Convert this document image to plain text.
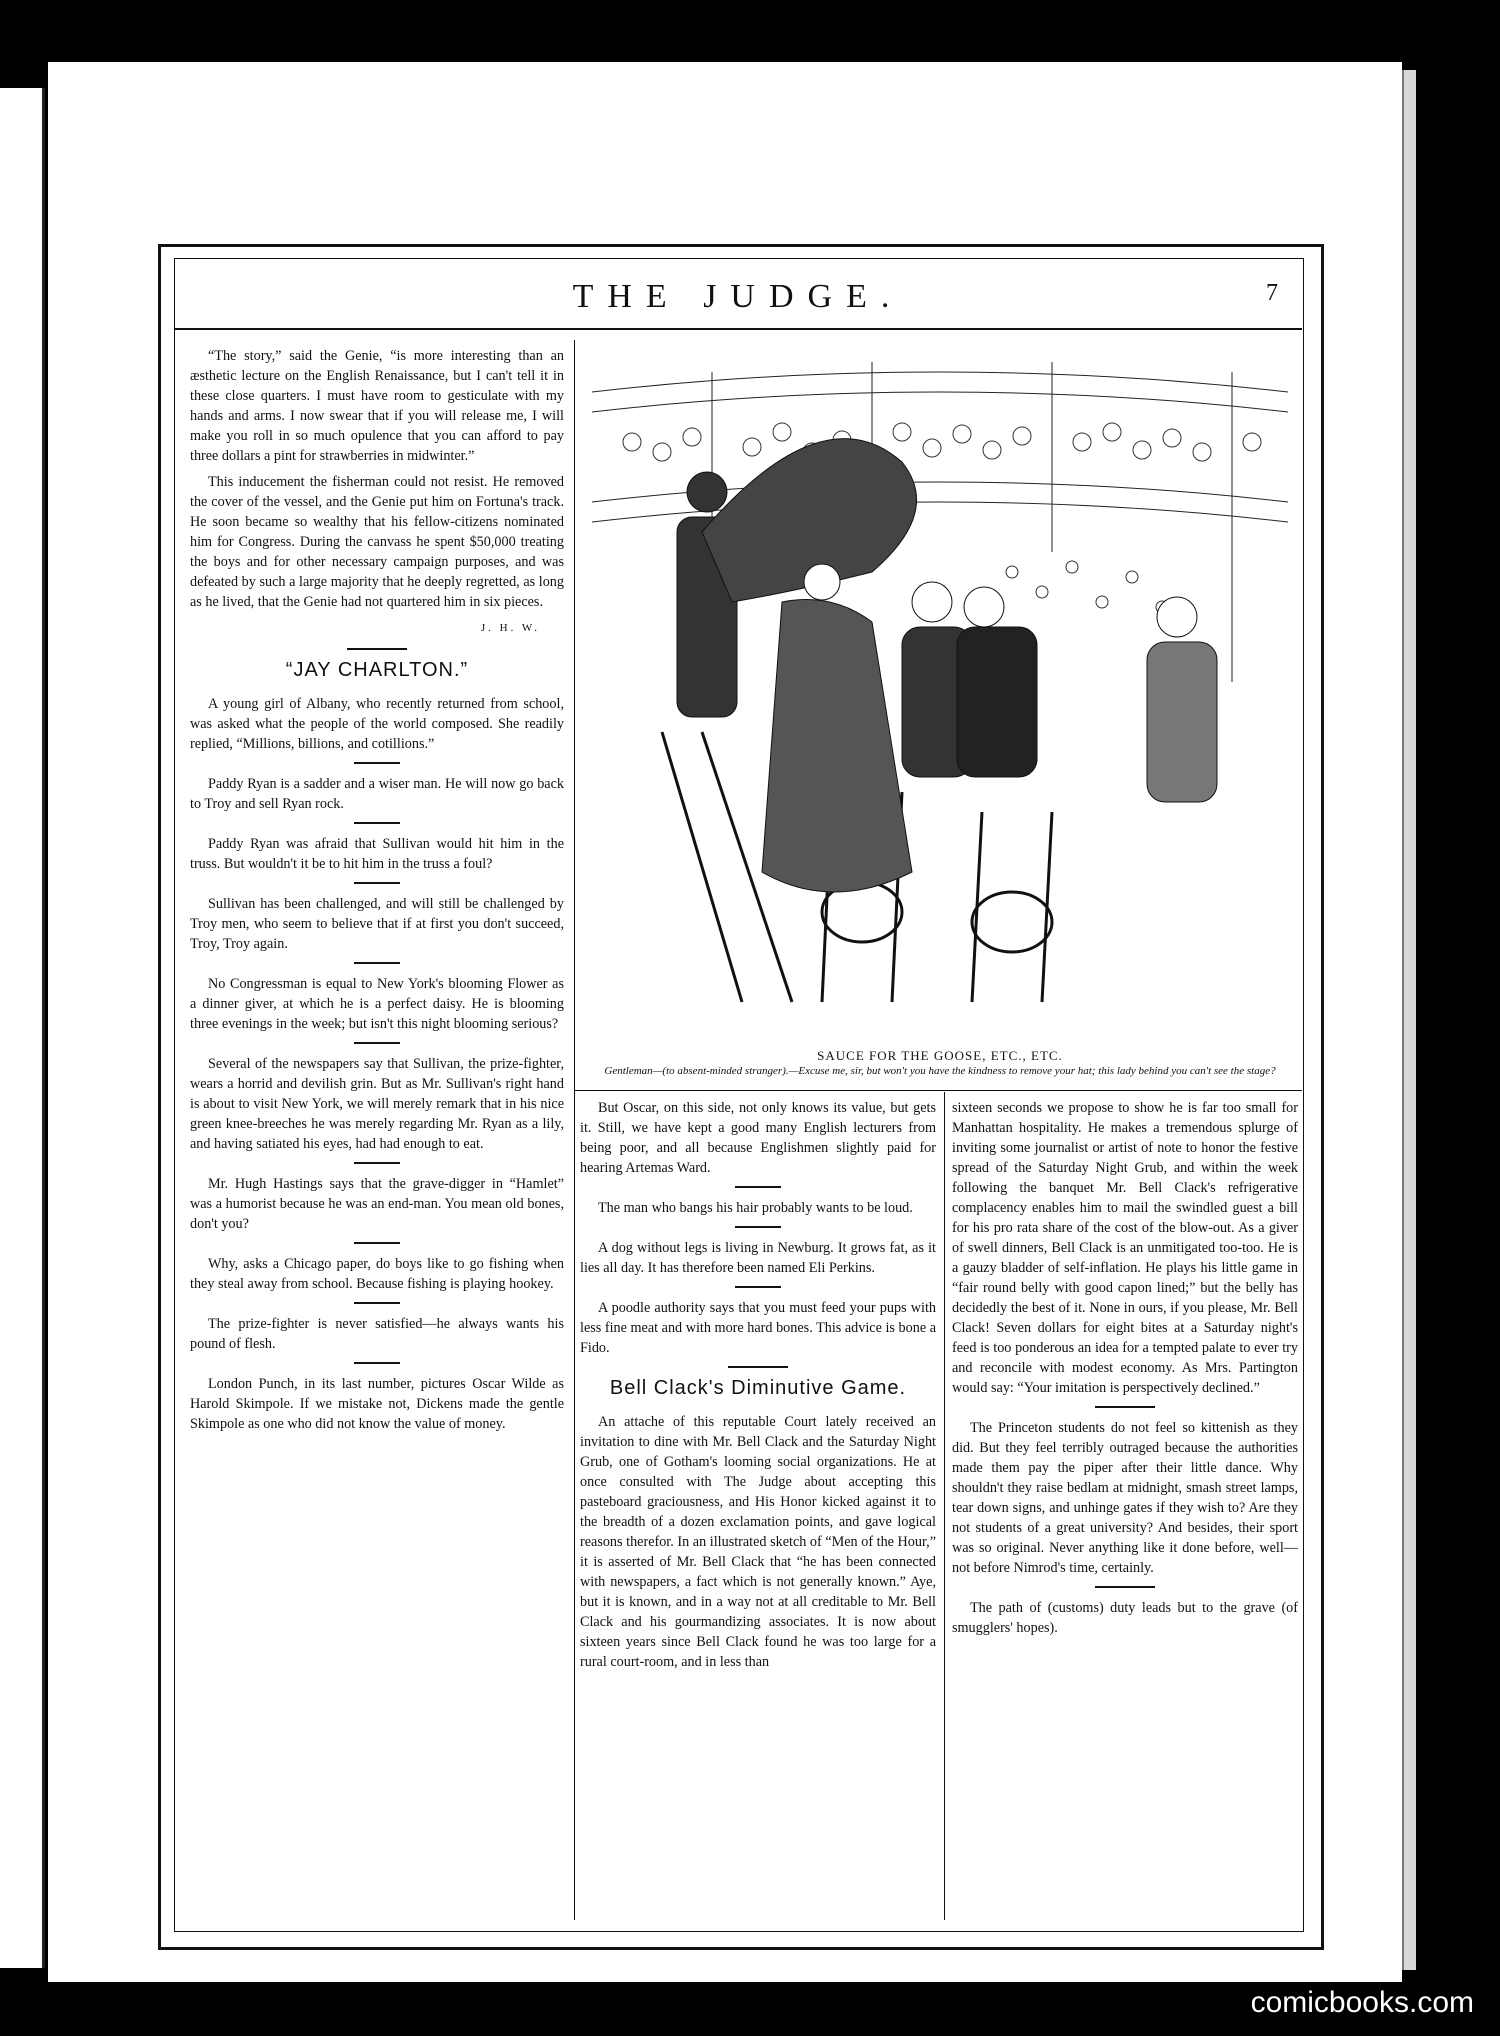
THE JUDGE.	7

“The story,” said the Genie, “is more interesting than an æsthetic lecture on the English Renaissance, but I can't tell it in these close quarters. I must have room to gesticulate with my hands and arms. I now swear that if you will release me, I will make you roll in so much opulence that you can afford to pay three dollars a pint for strawberries in midwinter.”

This inducement the fisherman could not resist. He removed the cover of the vessel, and the Genie put him on Fortuna's track. He soon became so wealthy that his fellow-citizens nominated him for Congress. During the canvass he spent $50,000 treating the boys and for other necessary campaign purposes, and was defeated by such a large majority that he deeply regretted, as long as he lived, that the Genie had not quartered him in six pieces.

J. H. W.
“JAY CHARLTON.”

A young girl of Albany, who recently returned from school, was asked what the people of the world composed. She readily replied, “Millions, billions, and cotillions.”

Paddy Ryan is a sadder and a wiser man. He will now go back to Troy and sell Ryan rock.

Paddy Ryan was afraid that Sullivan would hit him in the truss. But wouldn't it be to hit him in the truss a foul?

Sullivan has been challenged, and will still be challenged by Troy men, who seem to believe that if at first you don't succeed, Troy, Troy again.

No Congressman is equal to New York's blooming Flower as a dinner giver, at which he is a perfect daisy. He is blooming three evenings in the week; but isn't this night blooming serious?

Several of the newspapers say that Sullivan, the prize-fighter, wears a horrid and devilish grin. But as Mr. Sullivan's right hand is about to visit New York, we will merely remark that in his nice green knee-breeches he was merely regarding Mr. Ryan as a lily, and having satiated his eyes, had had enough to eat.

Mr. Hugh Hastings says that the grave-digger in “Hamlet” was a humorist because he was an end-man. You mean old bones, don't you?

Why, asks a Chicago paper, do boys like to go fishing when they steal away from school. Because fishing is playing hookey.

The prize-fighter is never satisfied—he always wants his pound of flesh.

London Punch, in its last number, pictures Oscar Wilde as Harold Skimpole. If we mistake not, Dickens made the gentle Skimpole as one who did not know the value of money.

SAUCE FOR THE GOOSE, ETC., ETC.
Gentleman—(to absent-minded stranger).—Excuse me, sir, but won't you have the kindness to remove your hat; this lady behind you can't see the stage?

But Oscar, on this side, not only knows its value, but gets it. Still, we have kept a good many English lecturers from being poor, and all because Englishmen slightly paid for hearing Artemas Ward.

The man who bangs his hair probably wants to be loud.

A dog without legs is living in Newburg. It grows fat, as it lies all day. It has therefore been named Eli Perkins.

A poodle authority says that you must feed your pups with less fine meat and with more hard bones. This advice is bone a Fido.

Bell Clack's Diminutive Game.

An attache of this reputable Court lately received an invitation to dine with Mr. Bell Clack and the Saturday Night Grub, one of Gotham's looming social organizations. He at once consulted with The Judge about accepting this pasteboard graciousness, and His Honor kicked against it to the breadth of a dozen exclamation points, and gave logical reasons therefor. In an illustrated sketch of “Men of the Hour,” it is asserted of Mr. Bell Clack that “he has been connected with newspapers, a fact which is not generally known.” Aye, but it is known, and in a way not at all creditable to Mr. Bell Clack and his gourmandizing associates. It is now about sixteen years since Bell Clack found he was too large for a rural court-room, and in less than

sixteen seconds we propose to show he is far too small for Manhattan hospitality. He makes a tremendous splurge of inviting some journalist or artist of note to honor the festive spread of the Saturday Night Grub, and within the week following the banquet Mr. Bell Clack's refrigerative complacency enables him to mail the swindled guest a bill for his pro rata share of the cost of the blow-out. As a giver of swell dinners, Bell Clack is an unmitigated too-too. He is a gauzy bladder of self-inflation. He plays his little game in “fair round belly with good capon lined;” but the belly has decidedly the best of it. None in ours, if you please, Mr. Bell Clack! Seven dollars for eight bites at a Saturday night's feed is too ponderous an idea for a tempted palate to ever try and reconcile with modest economy. As Mrs. Partington would say: “Your imitation is perspectively declined.”

The Princeton students do not feel so kittenish as they did. But they feel terribly outraged because the authorities made them pay the piper after their little dance. Why shouldn't they raise bedlam at midnight, smash street lamps, tear down signs, and unhinge gates if they wish to? Are they not students of a great university? And besides, their sport was so original. Never anything like it done before, well—not before Nimrod's time, certainly.

The path of (customs) duty leads but to the grave (of smugglers' hopes).

comicbooks.com
